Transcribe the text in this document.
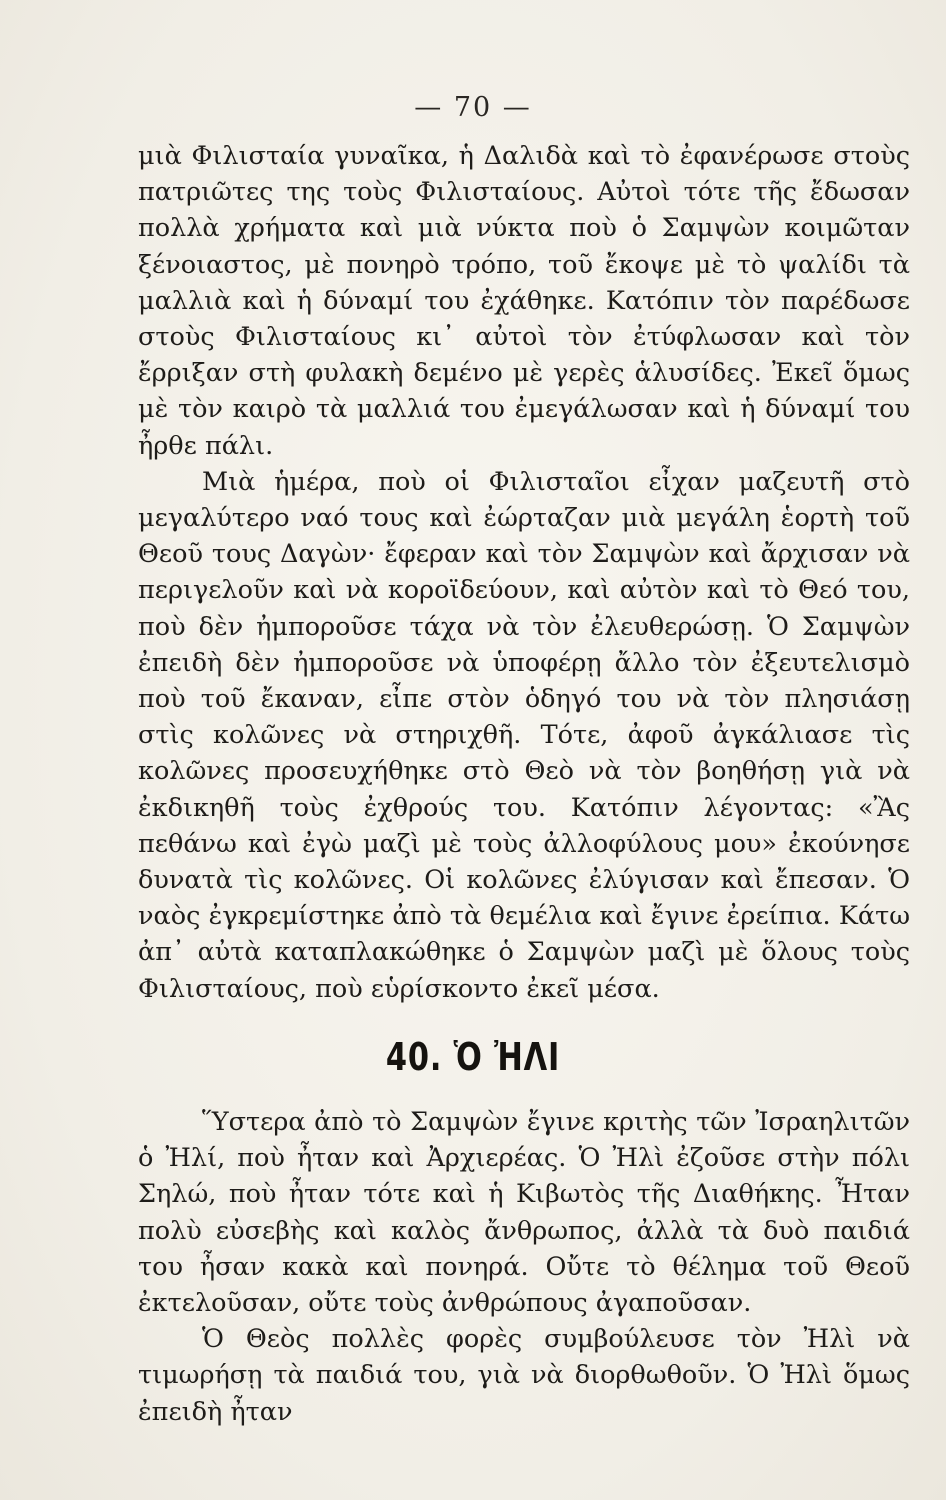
— 70 —

μιὰ Φιλισταία γυναῖκα, ἡ Δαλιδὰ καὶ τὸ ἐφανέρωσε στοὺς πατριῶτες της τοὺς Φιλισταίους. Αὐτοὶ τότε τῆς ἔδωσαν πολλὰ χρήματα καὶ μιὰ νύκτα ποὺ ὁ Σαμψὼν κοιμῶταν ξένοιαστος, μὲ πονηρὸ τρόπο, τοῦ ἔκοψε μὲ τὸ ψαλίδι τὰ μαλλιὰ καὶ ἡ δύναμί του ἐχάθηκε. Κατόπιν τὸν παρέδωσε στοὺς Φιλισταίους κι᾽ αὐτοὶ τὸν ἐτύφλωσαν καὶ τὸν ἔρριξαν στὴ φυλακὴ δεμένο μὲ γερὲς ἁλυσίδες. Ἐκεῖ ὅμως μὲ τὸν καιρὸ τὰ μαλλιά του ἐμεγάλωσαν καὶ ἡ δύναμί του ἦρθε πάλι.

Μιὰ ἡμέρα, ποὺ οἱ Φιλισταῖοι εἶχαν μαζευτῆ στὸ μεγαλύτερο ναό τους καὶ ἐώρταζαν μιὰ μεγάλη ἑορτὴ τοῦ Θεοῦ τους Δαγὼν· ἔφεραν καὶ τὸν Σαμψὼν καὶ ἄρχισαν νὰ περιγελοῦν καὶ νὰ κοροϊδεύουν, καὶ αὐτὸν καὶ τὸ Θεό του, ποὺ δὲν ἠμποροῦσε τάχα νὰ τὸν ἐλευθερώσῃ. Ὁ Σαμψὼν ἐπειδὴ δὲν ἠμποροῦσε νὰ ὑποφέρῃ ἄλλο τὸν ἐξευτελισμὸ ποὺ τοῦ ἔκαναν, εἶπε στὸν ὁδηγό του νὰ τὸν πλησιάσῃ στὶς κολῶνες νὰ στηριχθῆ. Τότε, ἀφοῦ ἀγκάλιασε τὶς κολῶνες προσευχήθηκε στὸ Θεὸ νὰ τὸν βοηθήσῃ γιὰ νὰ ἐκδικηθῆ τοὺς ἐχθρούς του. Κατόπιν λέγοντας: «Ἂς πεθάνω καὶ ἐγὼ μαζὶ μὲ τοὺς ἀλλοφύλους μου» ἐκούνησε δυνατὰ τὶς κολῶνες. Οἱ κολῶνες ἐλύγισαν καὶ ἔπεσαν. Ὁ ναὸς ἐγκρεμίστηκε ἀπὸ τὰ θεμέλια καὶ ἔγινε ἐρείπια. Κάτω ἀπ᾽ αὐτὰ καταπλακώθηκε ὁ Σαμψὼν μαζὶ μὲ ὅλους τοὺς Φιλισταίους, ποὺ εὑρίσκοντο ἐκεῖ μέσα.

40. Ὁ ἨΛΙ

Ὕστερα ἀπὸ τὸ Σαμψὼν ἔγινε κριτὴς τῶν Ἰσραηλιτῶν ὁ Ἠλί, ποὺ ἦταν καὶ Ἀρχιερέας. Ὁ Ἠλὶ ἐζοῦσε στὴν πόλι Σηλώ, ποὺ ἦταν τότε καὶ ἡ Κιβωτὸς τῆς Διαθήκης. Ἦταν πολὺ εὐσεβὴς καὶ καλὸς ἄνθρωπος, ἀλλὰ τὰ δυὸ παιδιά του ἦσαν κακὰ καὶ πονηρά. Οὔτε τὸ θέλημα τοῦ Θεοῦ ἐκτελοῦσαν, οὔτε τοὺς ἀνθρώπους ἀγαποῦσαν.

Ὁ Θεὸς πολλὲς φορὲς συμβούλευσε τὸν Ἠλὶ νὰ τιμωρήσῃ τὰ παιδιά του, γιὰ νὰ διορθωθοῦν. Ὁ Ἠλὶ ὅμως ἐπειδὴ ἦταν
